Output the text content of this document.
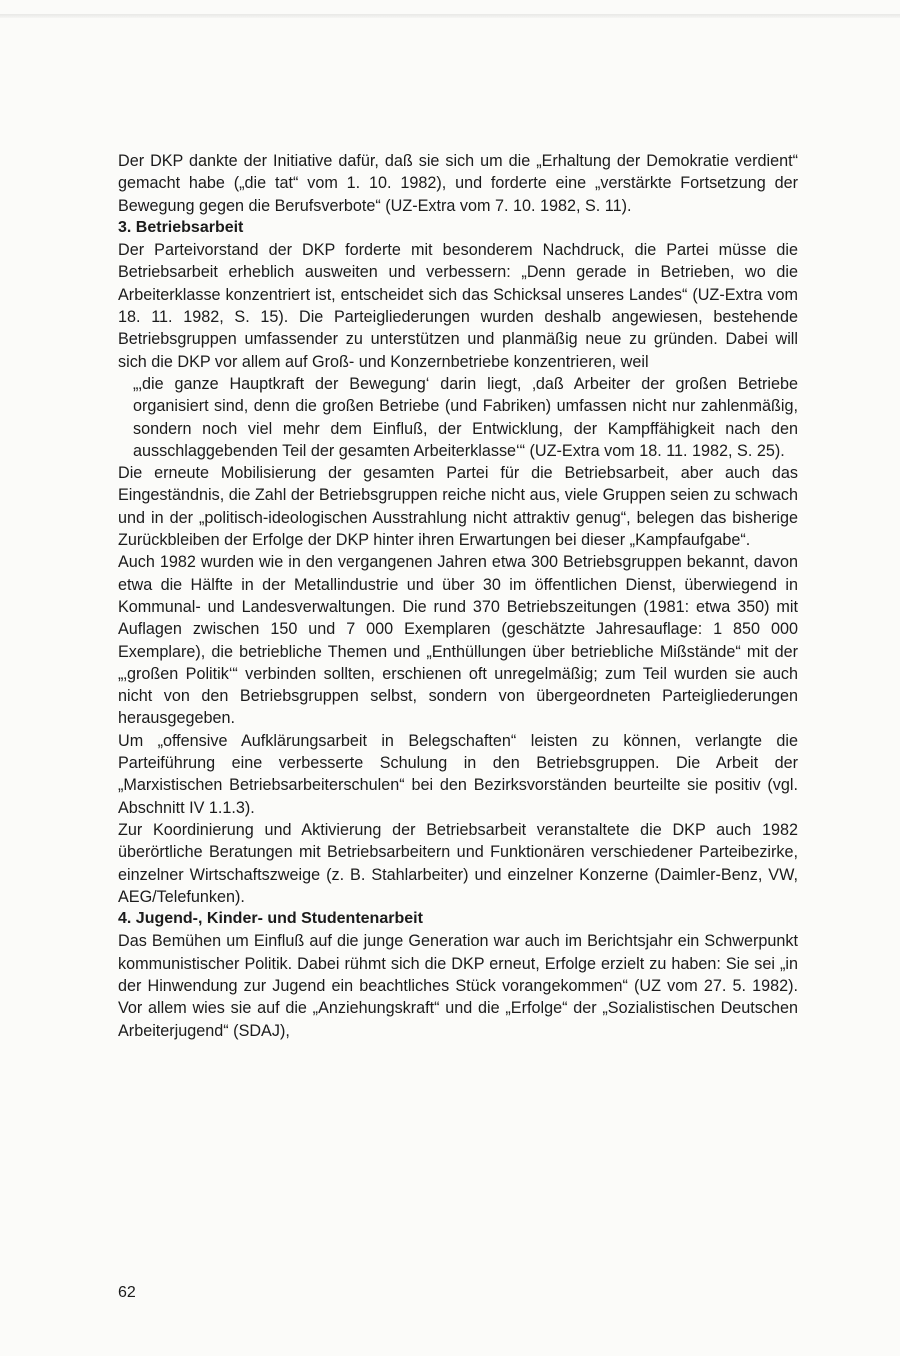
Der DKP dankte der Initiative dafür, daß sie sich um die „Erhaltung der Demokratie verdient“ gemacht habe („die tat“ vom 1. 10. 1982), und forderte eine „verstärkte Fortsetzung der Bewegung gegen die Berufsverbote“ (UZ-Extra vom 7. 10. 1982, S. 11).

3. Betriebsarbeit

Der Parteivorstand der DKP forderte mit besonderem Nachdruck, die Partei müsse die Betriebsarbeit erheblich ausweiten und verbessern: „Denn gerade in Betrieben, wo die Arbeiterklasse konzentriert ist, entscheidet sich das Schicksal unseres Landes“ (UZ-Extra vom 18. 11. 1982, S. 15). Die Parteigliederungen wurden deshalb angewiesen, bestehende Betriebsgruppen umfassender zu unterstützen und planmäßig neue zu gründen. Dabei will sich die DKP vor allem auf Groß- und Konzernbetriebe konzentrieren, weil

„‚die ganze Hauptkraft der Bewegung‘ darin liegt, ‚daß Arbeiter der großen Betriebe organisiert sind, denn die großen Betriebe (und Fabriken) umfassen nicht nur zahlenmäßig, sondern noch viel mehr dem Einfluß, der Entwicklung, der Kampffähigkeit nach den ausschlaggebenden Teil der gesamten Arbeiterklasse‘“ (UZ-Extra vom 18. 11. 1982, S. 25).

Die erneute Mobilisierung der gesamten Partei für die Betriebsarbeit, aber auch das Eingeständnis, die Zahl der Betriebsgruppen reiche nicht aus, viele Gruppen seien zu schwach und in der „politisch-ideologischen Ausstrahlung nicht attraktiv genug“, belegen das bisherige Zurückbleiben der Erfolge der DKP hinter ihren Erwartungen bei dieser „Kampfaufgabe“.

Auch 1982 wurden wie in den vergangenen Jahren etwa 300 Betriebsgruppen bekannt, davon etwa die Hälfte in der Metallindustrie und über 30 im öffentlichen Dienst, überwiegend in Kommunal- und Landesverwaltungen. Die rund 370 Betriebszeitungen (1981: etwa 350) mit Auflagen zwischen 150 und 7 000 Exemplaren (geschätzte Jahresauflage: 1 850 000 Exemplare), die betriebliche Themen und „Enthüllungen über betriebliche Mißstände“ mit der „‚großen Politik‘“ verbinden sollten, erschienen oft unregelmäßig; zum Teil wurden sie auch nicht von den Betriebsgruppen selbst, sondern von übergeordneten Parteigliederungen herausgegeben.

Um „offensive Aufklärungsarbeit in Belegschaften“ leisten zu können, verlangte die Parteiführung eine verbesserte Schulung in den Betriebsgruppen. Die Arbeit der „Marxistischen Betriebsarbeiterschulen“ bei den Bezirksvorständen beurteilte sie positiv (vgl. Abschnitt IV 1.1.3).

Zur Koordinierung und Aktivierung der Betriebsarbeit veranstaltete die DKP auch 1982 überörtliche Beratungen mit Betriebsarbeitern und Funktionären verschiedener Parteibezirke, einzelner Wirtschaftszweige (z. B. Stahlarbeiter) und einzelner Konzerne (Daimler-Benz, VW, AEG/Telefunken).

4. Jugend-, Kinder- und Studentenarbeit

Das Bemühen um Einfluß auf die junge Generation war auch im Berichtsjahr ein Schwerpunkt kommunistischer Politik. Dabei rühmt sich die DKP erneut, Erfolge erzielt zu haben: Sie sei „in der Hinwendung zur Jugend ein beachtliches Stück vorangekommen“ (UZ vom 27. 5. 1982). Vor allem wies sie auf die „Anziehungskraft“ und die „Erfolge“ der „Sozialistischen Deutschen Arbeiterjugend“ (SDAJ),

62
